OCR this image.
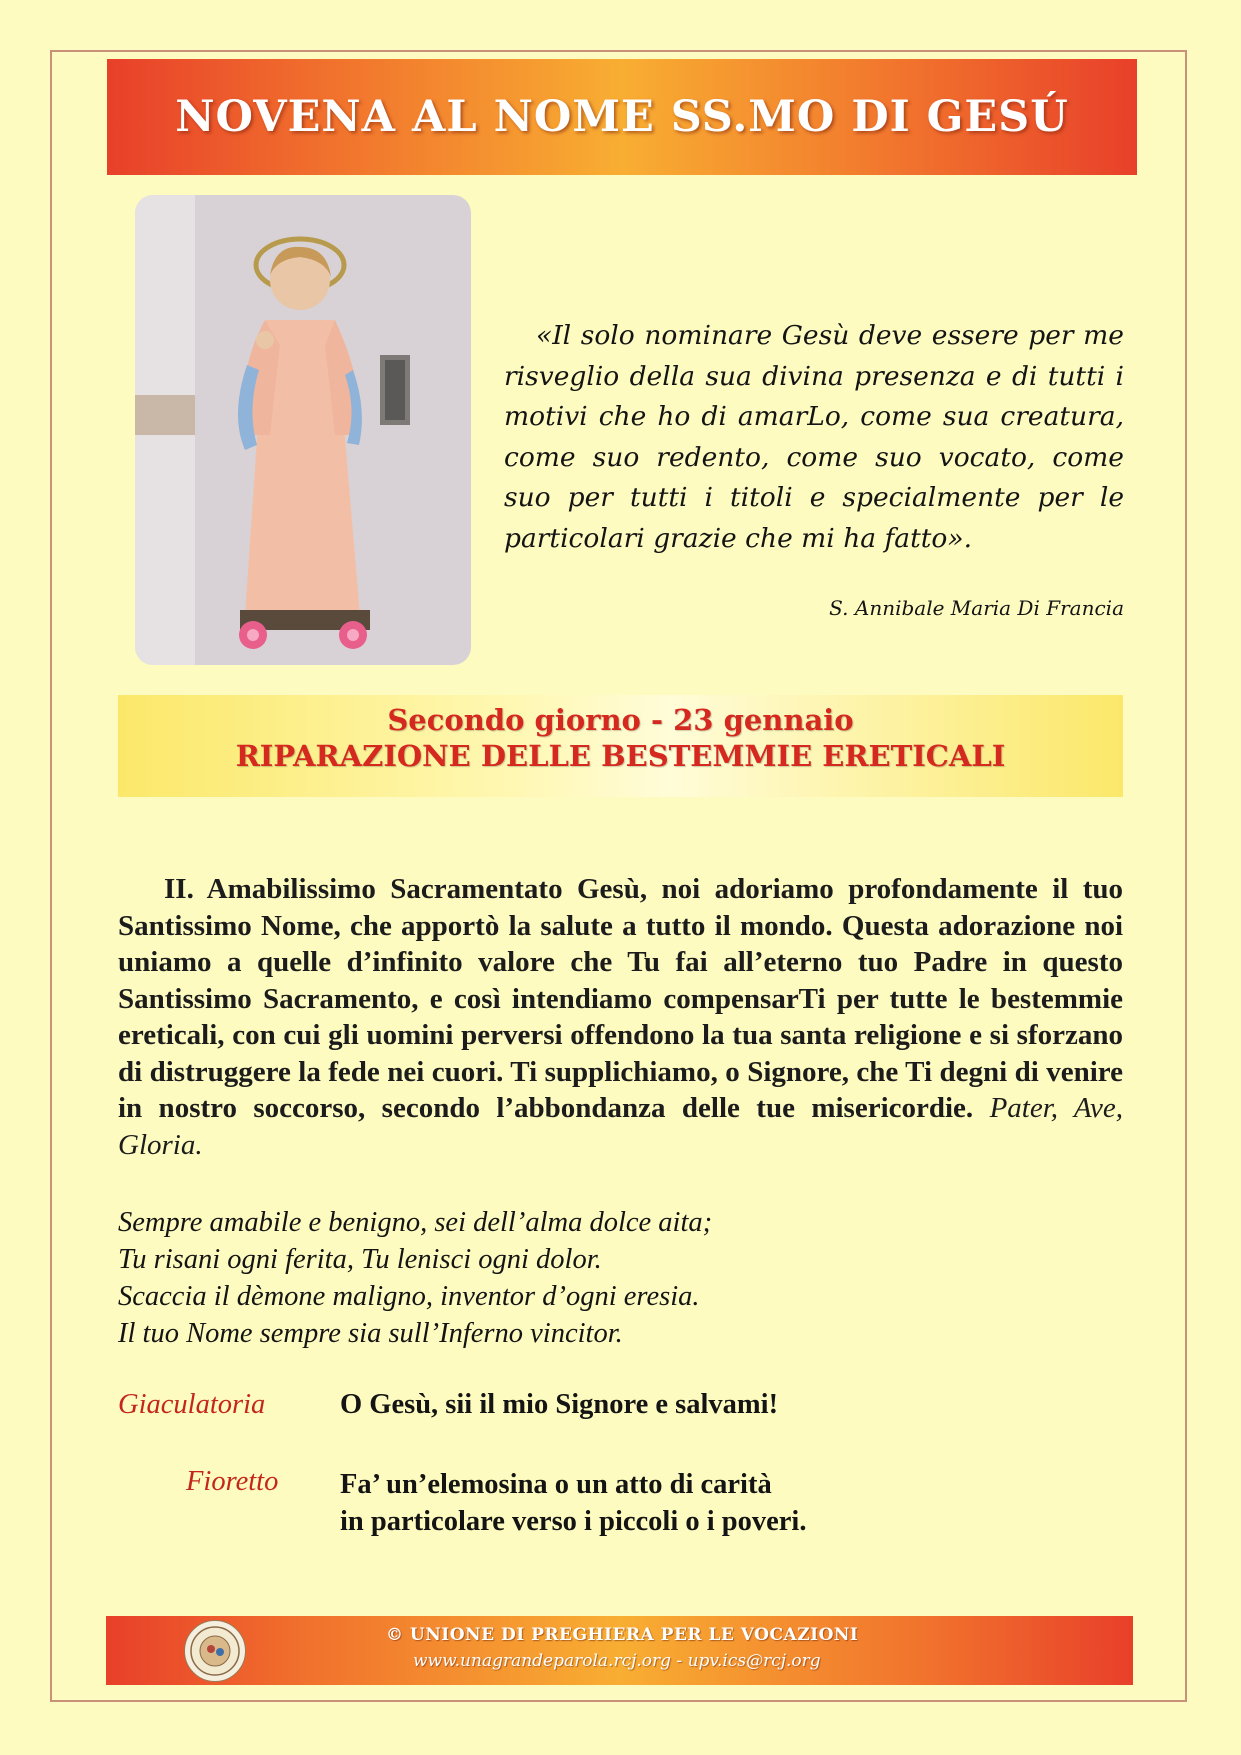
NOVENA AL NOME SS.MO DI GESÚ
«Il solo nominare Gesù deve essere per me risveglio della sua divina presenza e di tutti i motivi che ho di amarLo, come sua creatura, come suo redento, come suo vocato, come suo per tutti i titoli e specialmente per le particolari grazie che mi ha fatto».
S. Annibale Maria Di Francia
Secondo giorno - 23 gennaio
RIPARAZIONE DELLE BESTEMMIE ERETICALI
II. Amabilissimo Sacramentato Gesù, noi adoriamo profondamente il tuo Santissimo Nome, che apportò la salute a tutto il mondo. Questa adorazione noi uniamo a quelle d’infinito valore che Tu fai all’eterno tuo Padre in questo Santissimo Sacramento, e così intendiamo compensarTi per tutte le bestemmie ereticali, con cui gli uomini perversi offendono la tua santa religione e si sforzano di distruggere la fede nei cuori. Ti supplichiamo, o Signore, che Ti degni di venire in nostro soccorso, secondo l’abbondanza delle tue misericordie. Pater, Ave, Gloria.
Sempre amabile e benigno, sei dell’alma dolce aita;
Tu risani ogni ferita, Tu lenisci ogni dolor.
Scaccia il dèmone maligno, inventor d’ogni eresia.
Il tuo Nome sempre sia sull’Inferno vincitor.
Giaculatoria	O Gesù, sii il mio Signore e salvami!
Fioretto Fa’ un’elemosina o un atto di carità
in particolare verso i piccoli o i poveri.
© UNIONE DI PREGHIERA PER LE VOCAZIONI
www.unagrandeparola.rcj.org - upv.ics@rcj.org
